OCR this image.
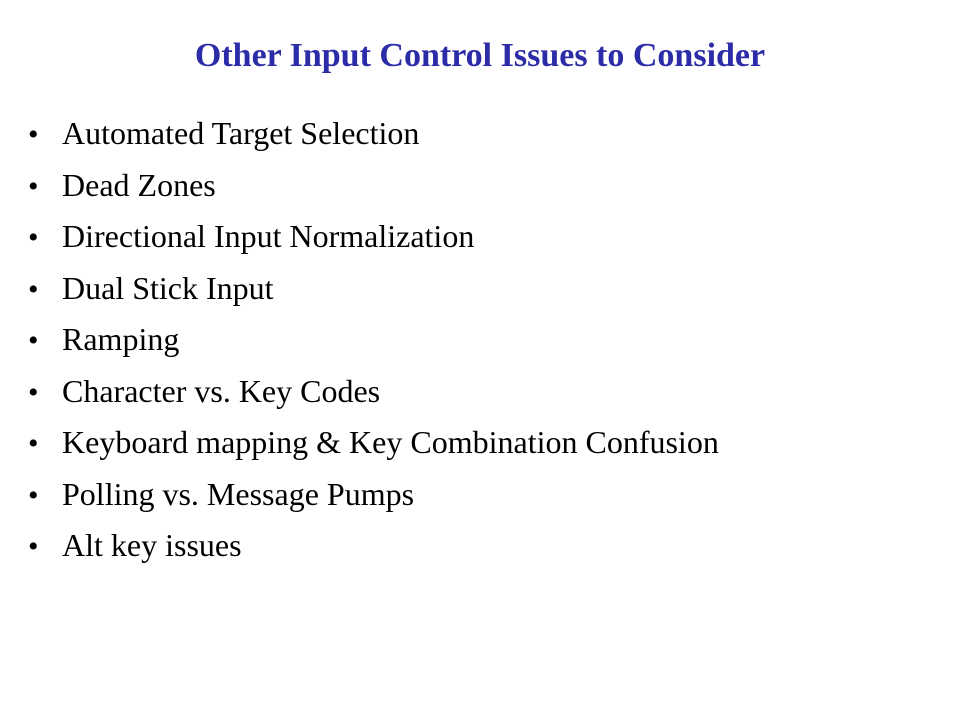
Other Input Control Issues to Consider
• Automated Target Selection
• Dead Zones
• Directional Input Normalization
• Dual Stick Input
• Ramping
• Character vs. Key Codes
• Keyboard mapping & Key Combination Confusion
• Polling vs. Message Pumps
• Alt key issues
